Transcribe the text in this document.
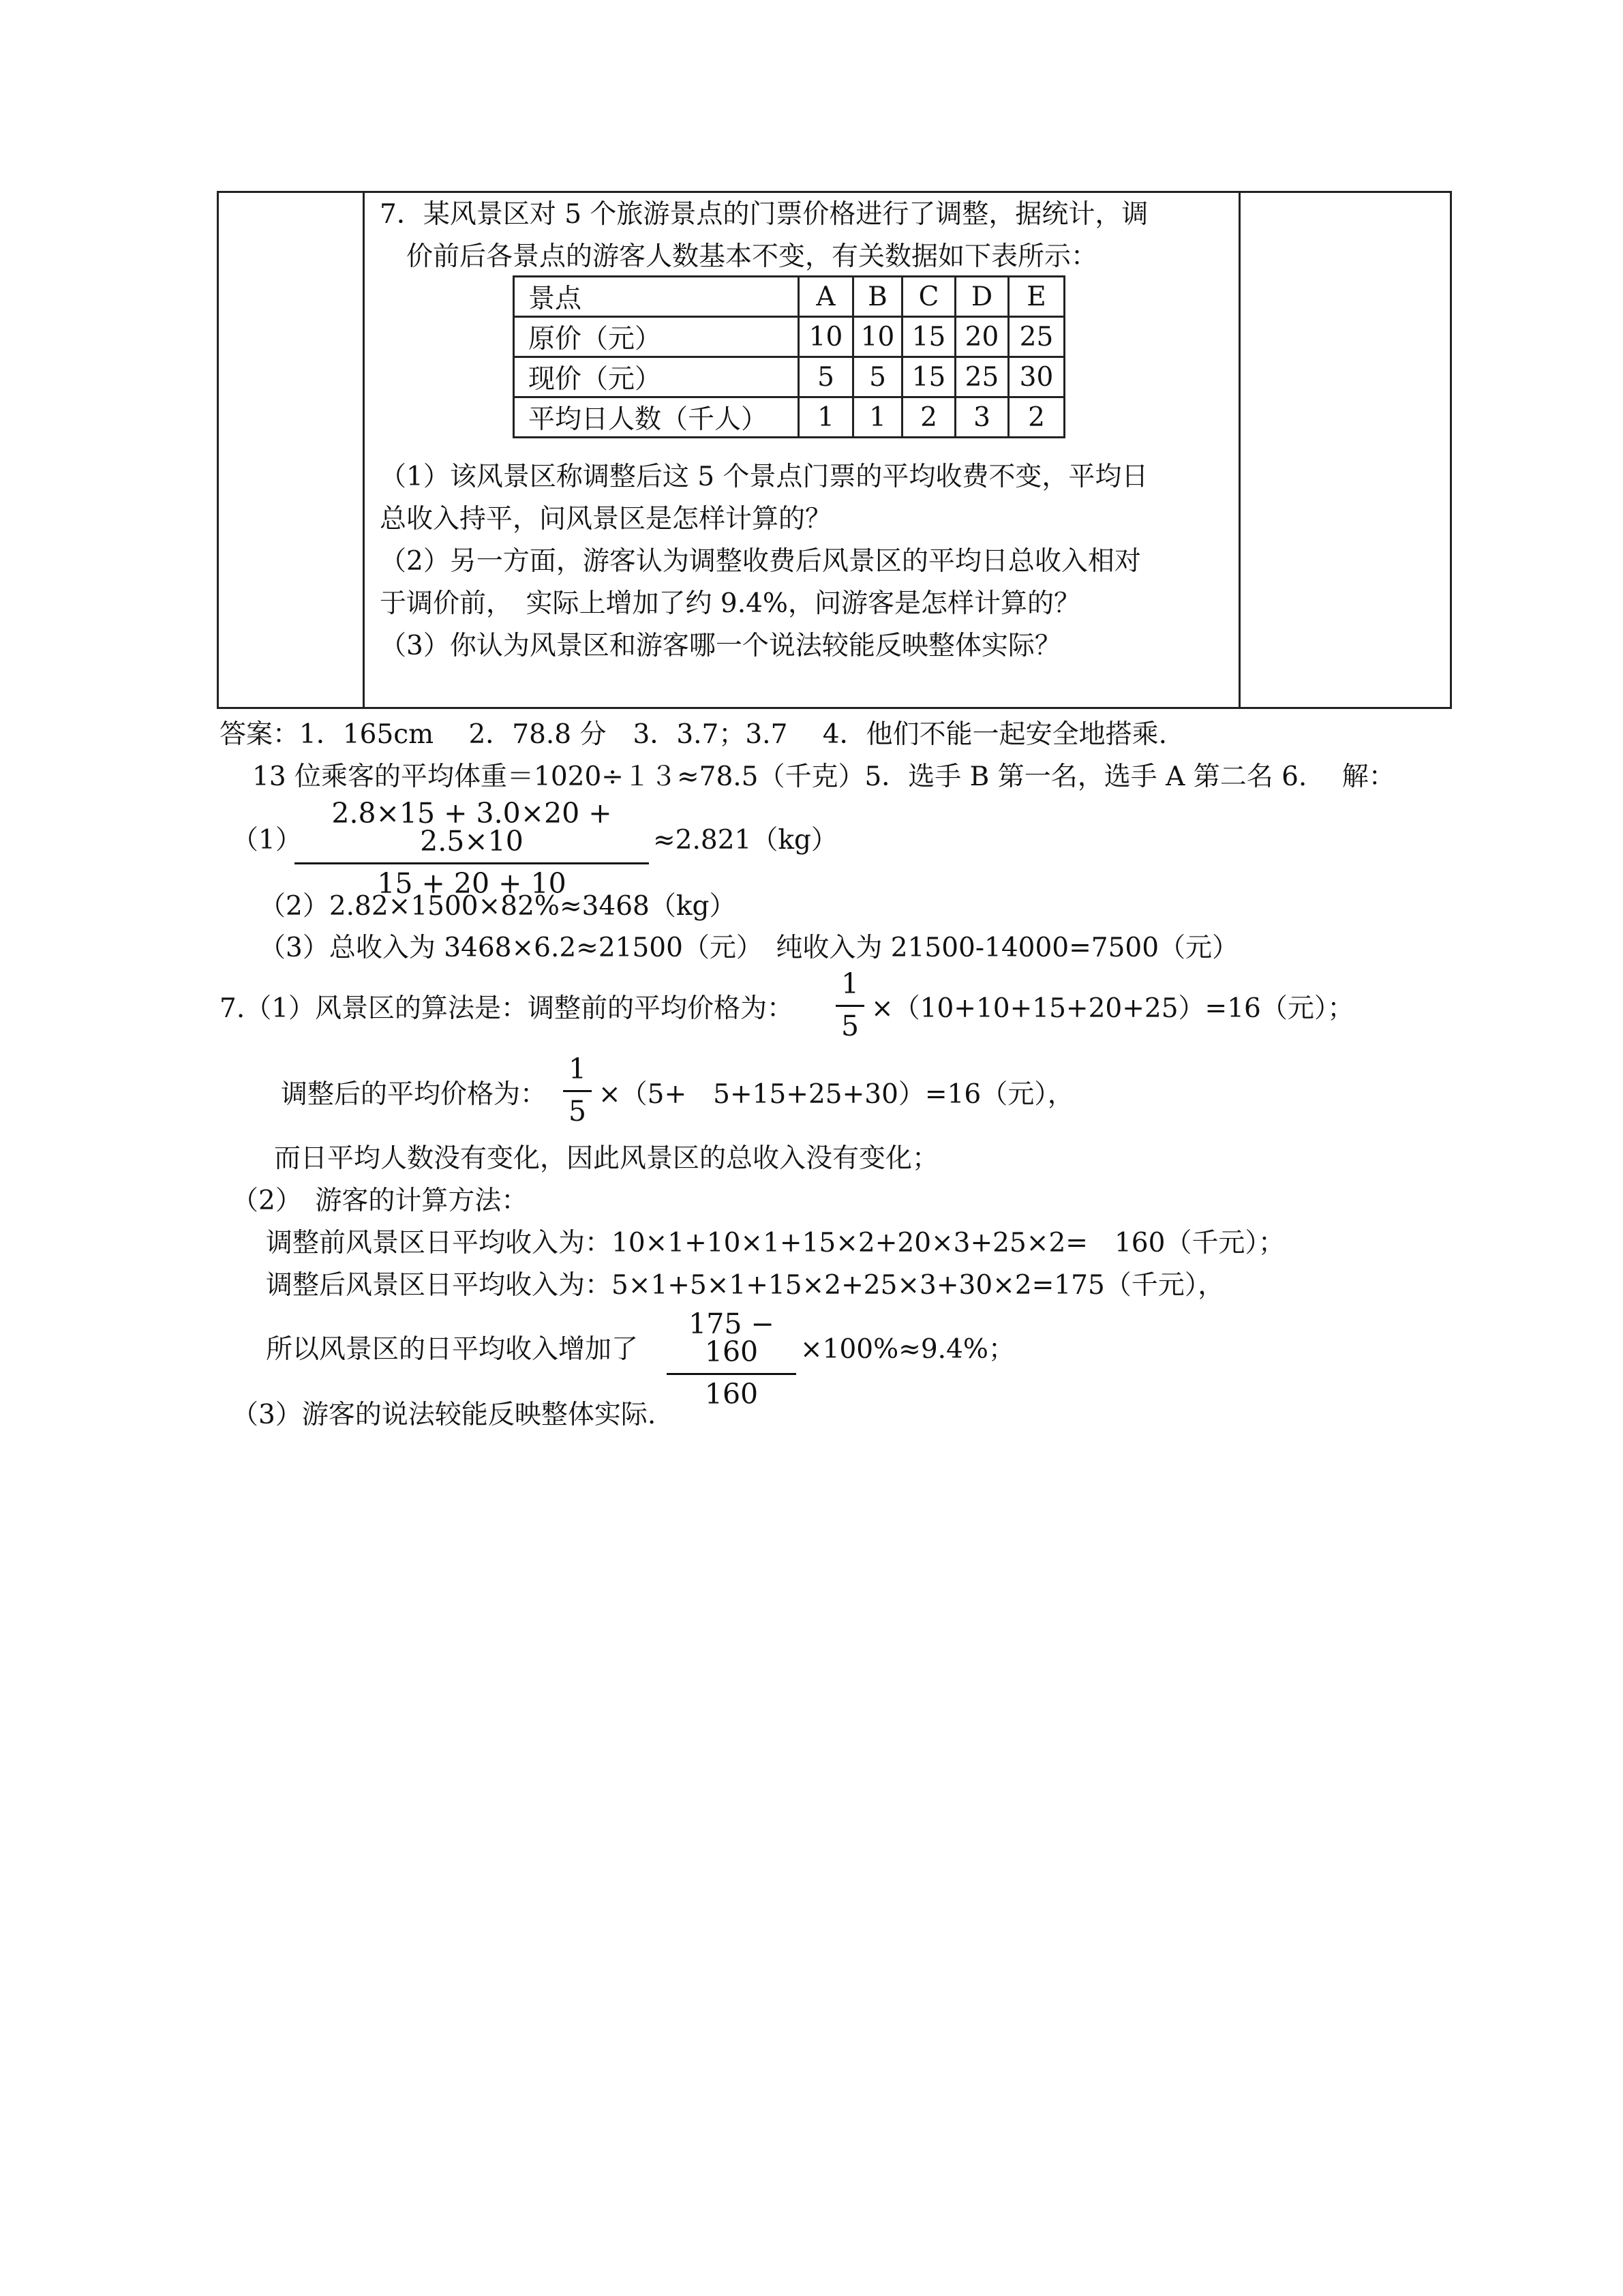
7．某风景区对 5 个旅游景点的门票价格进行了调整，据统计，调
价前后各景点的游客人数基本不变，有关数据如下表所示：
景点	A	B	C	D	E
原价（元）	10	10	15	20	25
现价（元）	5	5	15	25	30
平均日人数（千人）	1	1	2	3	2
（1）该风景区称调整后这 5 个景点门票的平均收费不变，平均日
总收入持平，问风景区是怎样计算的？
（2）另一方面，游客认为调整收费后风景区的平均日总收入相对
于调价前，　实际上增加了约 9.4%，问游客是怎样计算的？
（3）你认为风景区和游客哪一个说法较能反映整体实际？
答案：1．165cm　 2．78.8 分　3．3.7；3.7　 4．他们不能一起安全地搭乘.
13 位乘客的平均体重＝1020÷１３≈78.5（千克）5．选手 B 第一名，选手 A 第二名 6.　 解：
（1）
2.8×15 + 3.0×20 + 2.5×10
15 + 20 + 10
≈2.821（kg）
（2）2.82×1500×82%≈3468（kg）
（3）总收入为 3468×6.2≈21500（元）　纯收入为 21500-14000=7500（元）
7.（1）风景区的算法是：调整前的平均价格为：
1
5
×（10+10+15+20+25）=16（元）；
调整后的平均价格为：
1
5
×（5+　5+15+25+30）=16（元），
而日平均人数没有变化，因此风景区的总收入没有变化；
（2）　游客的计算方法：
调整前风景区日平均收入为：10×1+10×1+15×2+20×3+25×2=　160（千元）；
调整后风景区日平均收入为：5×1+5×1+15×2+25×3+30×2=175（千元），
所以风景区的日平均收入增加了
175 − 160
160
×100%≈9.4%；
（3）游客的说法较能反映整体实际.
